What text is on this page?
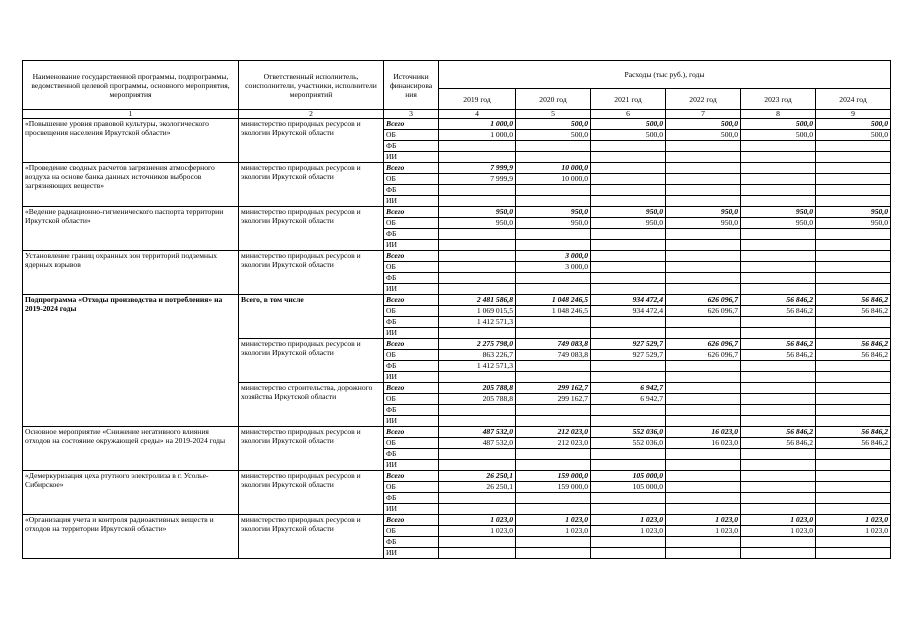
Наименование государственной программы, подпрограммы, ведомственной целевой программы, основного мероприятия, мероприятия	Ответственный исполнитель, соисполнители, участники, исполнители мероприятий	Источники финансирова ния	Расходы (тыс руб.), годы					
			2019 год	2020 год	2021 год	2022 год	2023 год	2024 год
1	2	3	4	5	6	7	8	9
«Повышение уровня правовой культуры, экологического просвещения населения Иркутской области»	министерство природных ресурсов и экологии Иркутской области	Всего	1 000,0	500,0	500,0	500,0	500,0	500,0
		ОБ	1 000,0	500,0	500,0	500,0	500,0	500,0
		ФБ						
		ИИ						
«Проведение сводных расчетов загрязнения атмосферного воздуха на основе банка данных источников выбросов загрязняющих веществ»	министерство природных ресурсов и экологии Иркутской области	Всего	7 999,9	10 000,0				
		ОБ	7 999,9	10 000,0				
		ФБ						
		ИИ						
«Ведение радиационно-гигиенического паспорта территории Иркутской области»	министерство природных ресурсов и экологии Иркутской области	Всего	950,0	950,0	950,0	950,0	950,0	950,0
		ОБ	950,0	950,0	950,0	950,0	950,0	950,0
		ФБ						
		ИИ						
Установление границ охранных зон территорий подземных ядерных взрывов	министерство природных ресурсов и экологии Иркутской области	Всего		3 000,0				
		ОБ		3 000,0				
		ФБ						
		ИИ						
Подпрограмма «Отходы производства и потребления» на 2019-2024 годы	Всего, в том числе	Всего	2 481 586,8	1 048 246,5	934 472,4	626 096,7	56 846,2	56 846,2
		ОБ	1 069 015,5	1 048 246,5	934 472,4	626 096,7	56 846,2	56 846,2
		ФБ	1 412 571,3					
		ИИ						
	министерство природных ресурсов и экологии Иркутской области	Всего	2 275 798,0	749 083,8	927 529,7	626 096,7	56 846,2	56 846,2
		ОБ	863 226,7	749 083,8	927 529,7	626 096,7	56 846,2	56 846,2
		ФБ	1 412 571,3					
		ИИ						
	министерство строительства, дорожного хозяйства Иркутской области	Всего	205 788,8	299 162,7	6 942,7			
		ОБ	205 788,8	299 162,7	6 942,7			
		ФБ						
		ИИ						
Основное мероприятие «Снижение негативного влияния отходов на состояние окружающей среды» на 2019-2024 годы	министерство природных ресурсов и экологии Иркутской области	Всего	487 532,0	212 023,0	552 036,0	16 023,0	56 846,2	56 846,2
		ОБ	487 532,0	212 023,0	552 036,0	16 023,0	56 846,2	56 846,2
		ФБ						
		ИИ						
«Демеркуризация цеха ртутного электролиза в г. Усолье-Сибирское»	министерство природных ресурсов и экологии Иркутской области	Всего	26 250,1	159 000,0	105 000,0			
		ОБ	26 250,1	159 000,0	105 000,0			
		ФБ						
		ИИ						
«Организация учета и контроля радиоактивных веществ и отходов на территории Иркутской области»	министерство природных ресурсов и экологии Иркутской области	Всего	1 023,0	1 023,0	1 023,0	1 023,0	1 023,0	1 023,0
		ОБ	1 023,0	1 023,0	1 023,0	1 023,0	1 023,0	1 023,0
		ФБ						
		ИИ						
